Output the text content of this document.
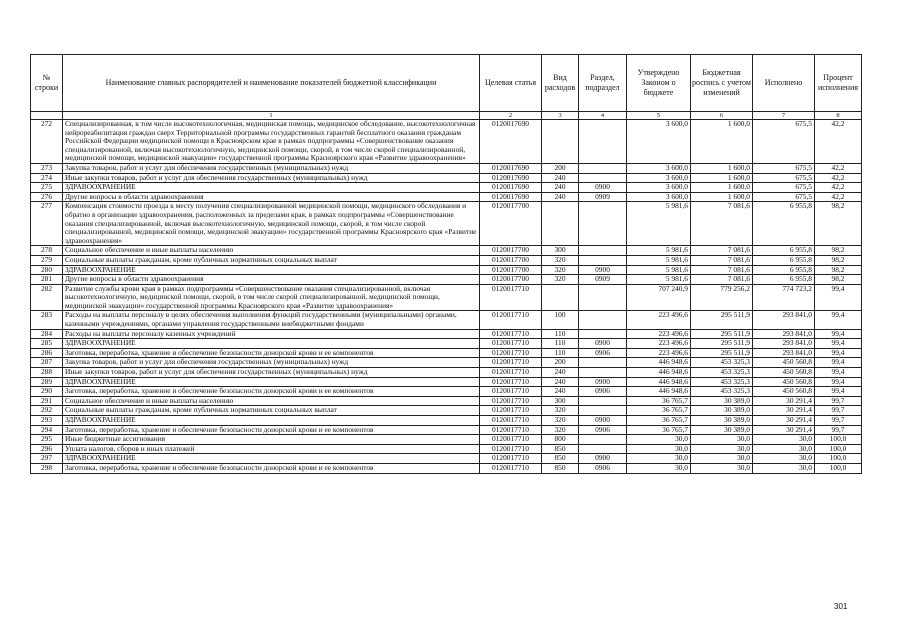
№ строки	Наименование главных распорядителей и наименование показателей бюджетной классификации	Целевая статья	Вид расходов	Раздел, подраздел	Утверждено Законом о бюджете	Бюджетная роспись с учетом изменений	Исполнено	Процент исполнения
	1	2	3	4	5	6	7	8
272	Специализированная, в том числе высокотехнологичная, медицинская помощь, медицинское обследование, высокотехнологичная нейрореабилитация граждан сверх Территориальной программы государственных гарантий бесплатного оказания гражданам Российской Федерации медицинской помощи в Красноярском крае в рамках подпрограммы «Совершенствование оказания специализированной, включая высокотехнологичную, медицинской помощи, скорой, в том числе скорой специализированной, медицинской помощи, медицинской эвакуации» государственной программы Красноярского края «Развитие здравоохранения»	0120017690			3 600,0	1 600,0	675,5	42,2
273	Закупка товаров, работ и услуг для обеспечения государственных (муниципальных) нужд	0120017690	200		3 600,0	1 600,0	675,5	42,2
274	Иные закупки товаров, работ и услуг для обеспечения государственных (муниципальных) нужд	0120017690	240		3 600,0	1 600,0	675,5	42,2
275	ЗДРАВООХРАНЕНИЕ	0120017690	240	0900	3 600,0	1 600,0	675,5	42,2
276	Другие вопросы в области здравоохранения	0120017690	240	0909	3 600,0	1 600,0	675,5	42,2
277	Компенсация стоимости проезда к месту получения специализированной медицинской помощи, медицинского обследования и обратно в организации здравоохранения, расположенных за пределами края, в рамках подпрограммы «Совершенствование оказания специализированной, включая высокотехнологичную, медицинской помощи, скорой, в том числе скорой специализированной, медицинской помощи, медицинской эвакуации» государственной программы Красноярского края «Развитие здравоохранения»	0120017700			5 981,6	7 081,6	6 955,8	98,2
278	Социальное обеспечение и иные выплаты населению	0120017700	300		5 981,6	7 081,6	6 955,8	98,2
279	Социальные выплаты гражданам, кроме публичных нормативных социальных выплат	0120017700	320		5 981,6	7 081,6	6 955,8	98,2
280	ЗДРАВООХРАНЕНИЕ	0120017700	320	0900	5 981,6	7 081,6	6 955,8	98,2
281	Другие вопросы в области здравоохранения	0120017700	320	0909	5 981,6	7 081,6	6 955,8	98,2
282	Развитие службы крови края в рамках подпрограммы «Совершенствование оказания специализированной, включая высокотехнологичную, медицинской помощи, скорой, в том числе скорой специализированной, медицинской помощи, медицинской эвакуации» государственной программы Красноярского края «Развитие здравоохранения»	0120017710			707 240,9	779 256,2	774 723,2	99,4
283	Расходы на выплаты персоналу в целях обеспечения выполнения функций государственными (муниципальными) органами, казенными учреждениями, органами управления государственными внебюджетными фондами	0120017710	100		223 496,6	295 511,9	293 841,0	99,4
284	Расходы на выплаты персоналу казенных учреждений	0120017710	110		223 496,6	295 511,9	293 841,0	99,4
285	ЗДРАВООХРАНЕНИЕ	0120017710	110	0900	223 496,6	295 511,9	293 841,0	99,4
286	Заготовка, переработка, хранение и обеспечение безопасности донорской крови и ее компонентов	0120017710	110	0906	223 496,6	295 511,9	293 841,0	99,4
287	Закупка товаров, работ и услуг для обеспечения государственных (муниципальных) нужд	0120017710	200		446 948,6	453 325,3	450 560,8	99,4
288	Иные закупки товаров, работ и услуг для обеспечения государственных (муниципальных) нужд	0120017710	240		446 948,6	453 325,3	450 560,8	99,4
289	ЗДРАВООХРАНЕНИЕ	0120017710	240	0900	446 948,6	453 325,3	450 560,8	99,4
290	Заготовка, переработка, хранение и обеспечение безопасности донорской крови и ее компонентов	0120017710	240	0906	446 948,6	453 325,3	450 560,8	99,4
291	Социальное обеспечение и иные выплаты населению	0120017710	300		36 765,7	30 389,0	30 291,4	99,7
292	Социальные выплаты гражданам, кроме публичных нормативных социальных выплат	0120017710	320		36 765,7	30 389,0	30 291,4	99,7
293	ЗДРАВООХРАНЕНИЕ	0120017710	320	0900	36 765,7	30 389,0	30 291,4	99,7
294	Заготовка, переработка, хранение и обеспечение безопасности донорской крови и ее компонентов	0120017710	320	0906	36 765,7	30 389,0	30 291,4	99,7
295	Иные бюджетные ассигнования	0120017710	800		30,0	30,0	30,0	100,0
296	Уплата налогов, сборов и иных платежей	0120017710	850		30,0	30,0	30,0	100,0
297	ЗДРАВООХРАНЕНИЕ	0120017710	850	0900	30,0	30,0	30,0	100,0
298	Заготовка, переработка, хранение и обеспечение безопасности донорской крови и ее компонентов	0120017710	850	0906	30,0	30,0	30,0	100,0
301
